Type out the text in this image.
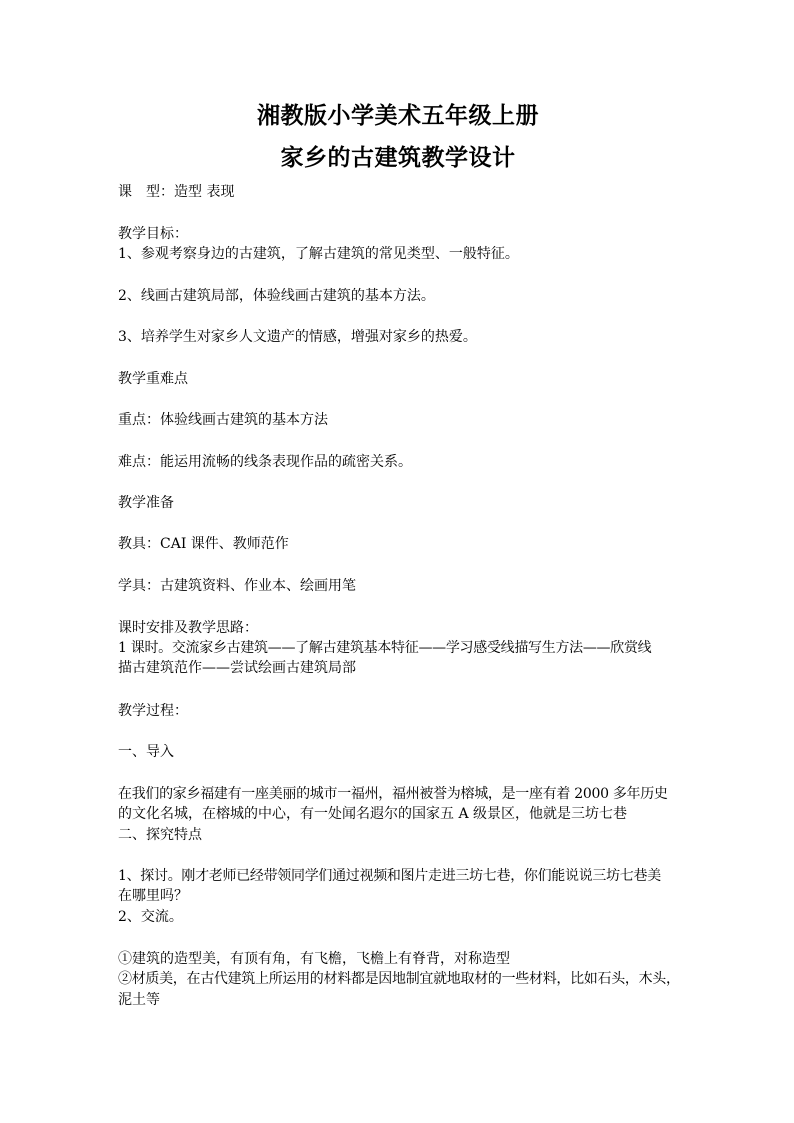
湘教版小学美术五年级上册
家乡的古建筑教学设计
课　型：造型 表现
教学目标：
1、参观考察身边的古建筑，了解古建筑的常见类型、一般特征。
2、线画古建筑局部，体验线画古建筑的基本方法。
3、培养学生对家乡人文遗产的情感，增强对家乡的热爱。
教学重难点
重点：体验线画古建筑的基本方法
难点：能运用流畅的线条表现作品的疏密关系。
教学准备
教具：CAI 课件、教师范作
学具：古建筑资料、作业本、绘画用笔
课时安排及教学思路：
1 课时。交流家乡古建筑——了解古建筑基本特征——学习感受线描写生方法——欣赏线
描古建筑范作——尝试绘画古建筑局部
教学过程：
一、导入
在我们的家乡福建有一座美丽的城市一福州，福州被誉为榕城，是一座有着 2000 多年历史
的文化名城，在榕城的中心，有一处闻名遐尔的国家五 A 级景区，他就是三坊七巷
二、探究特点
1、探讨。刚才老师已经带领同学们通过视频和图片走进三坊七巷，你们能说说三坊七巷美
在哪里吗？
2、交流。
①建筑的造型美，有顶有角，有飞檐，飞檐上有脊背，对称造型
②材质美，在古代建筑上所运用的材料都是因地制宜就地取材的一些材料，比如石头，木头，
泥土等
